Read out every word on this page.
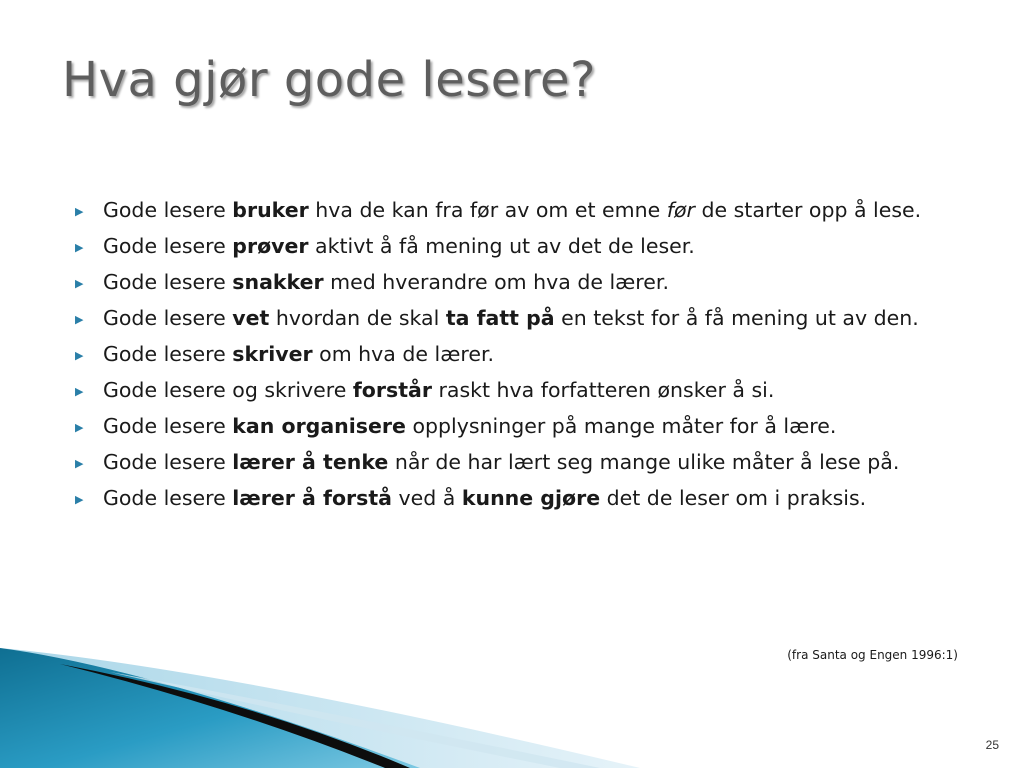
Hva gjør gode lesere?
▶ Gode lesere bruker hva de kan fra før av om et emne før de starter opp å lese.
▶ Gode lesere prøver aktivt å få mening ut av det de leser.
▶ Gode lesere snakker med hverandre om hva de lærer.
▶ Gode lesere vet hvordan de skal ta fatt på en tekst for å få mening ut av den.
▶ Gode lesere skriver om hva de lærer.
▶ Gode lesere og skrivere forstår raskt hva forfatteren ønsker å si.
▶ Gode lesere kan organisere opplysninger på mange måter for å lære.
▶ Gode lesere lærer å tenke når de har lært seg mange ulike måter å lese på.
▶ Gode lesere lærer å forstå ved å kunne gjøre det de leser om i praksis.
(fra Santa og Engen 1996:1)
25
